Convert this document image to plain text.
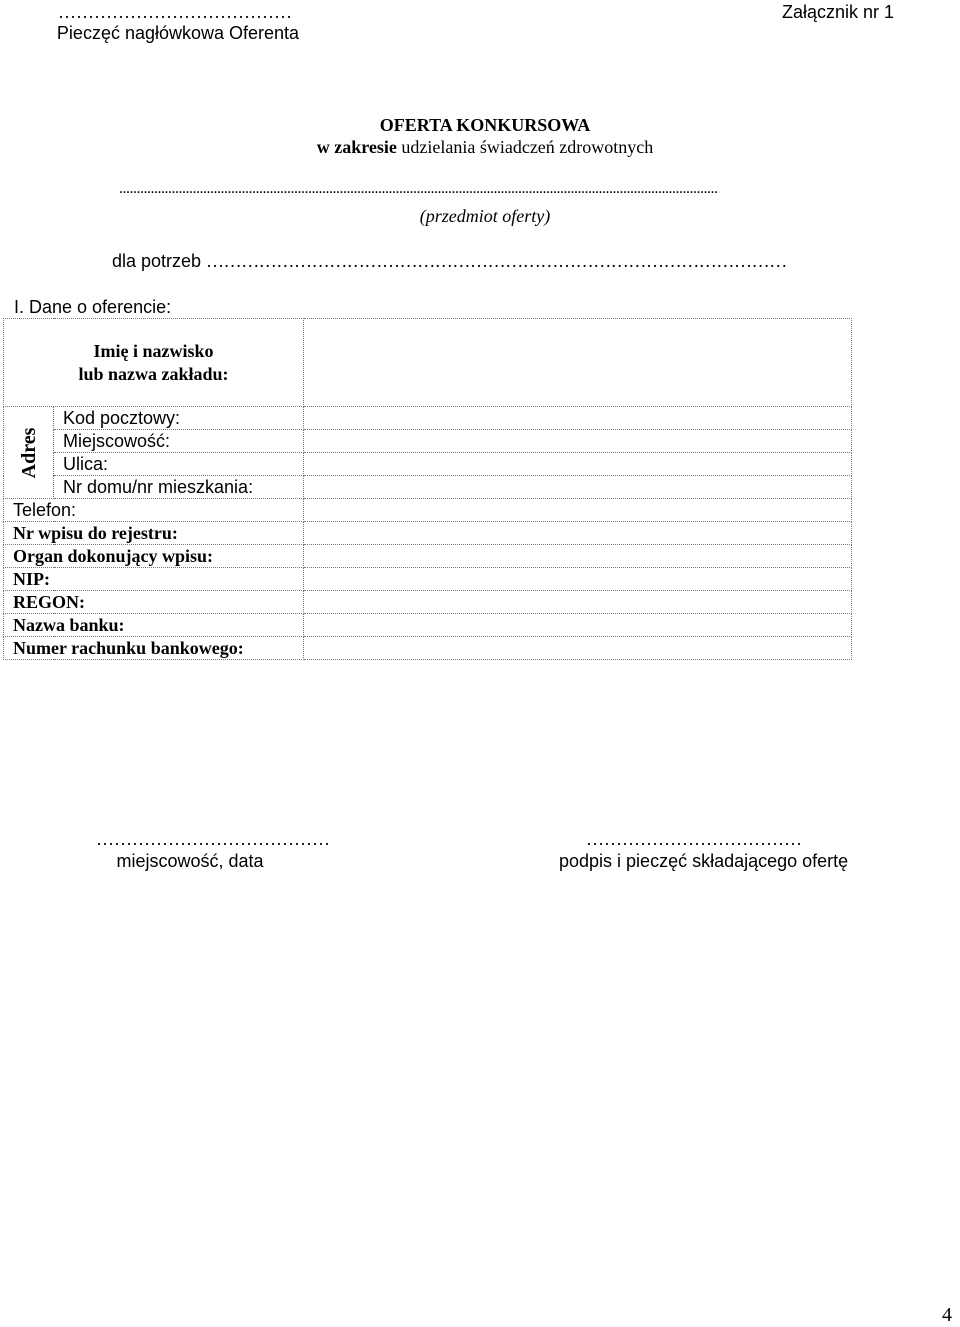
…………………………………
Pieczęć nagłówkowa Oferenta
Załącznik nr 1
OFERTA KONKURSOWA
w zakresie udzielania świadczeń zdrowotnych
...........................................................................................................................................................................
(przedmiot oferty)
dla potrzeb ………………………………………………………………………………………
I. Dane o oferencie:
Imię i nazwisko
lub nazwa zakładu:		

Adres	Kod pocztowy:	
	Miejscowość:	
	Ulica:	
	Nr domu/nr mieszkania:	
Telefon:		
Nr wpisu do rejestru:		
Organ dokonujący wpisu:		
NIP:		
REGON:		
Nazwa banku:		
Numer rachunku bankowego:		
…………………………………
miejscowość, data
………………………………
podpis i pieczęć składającego ofertę
4
